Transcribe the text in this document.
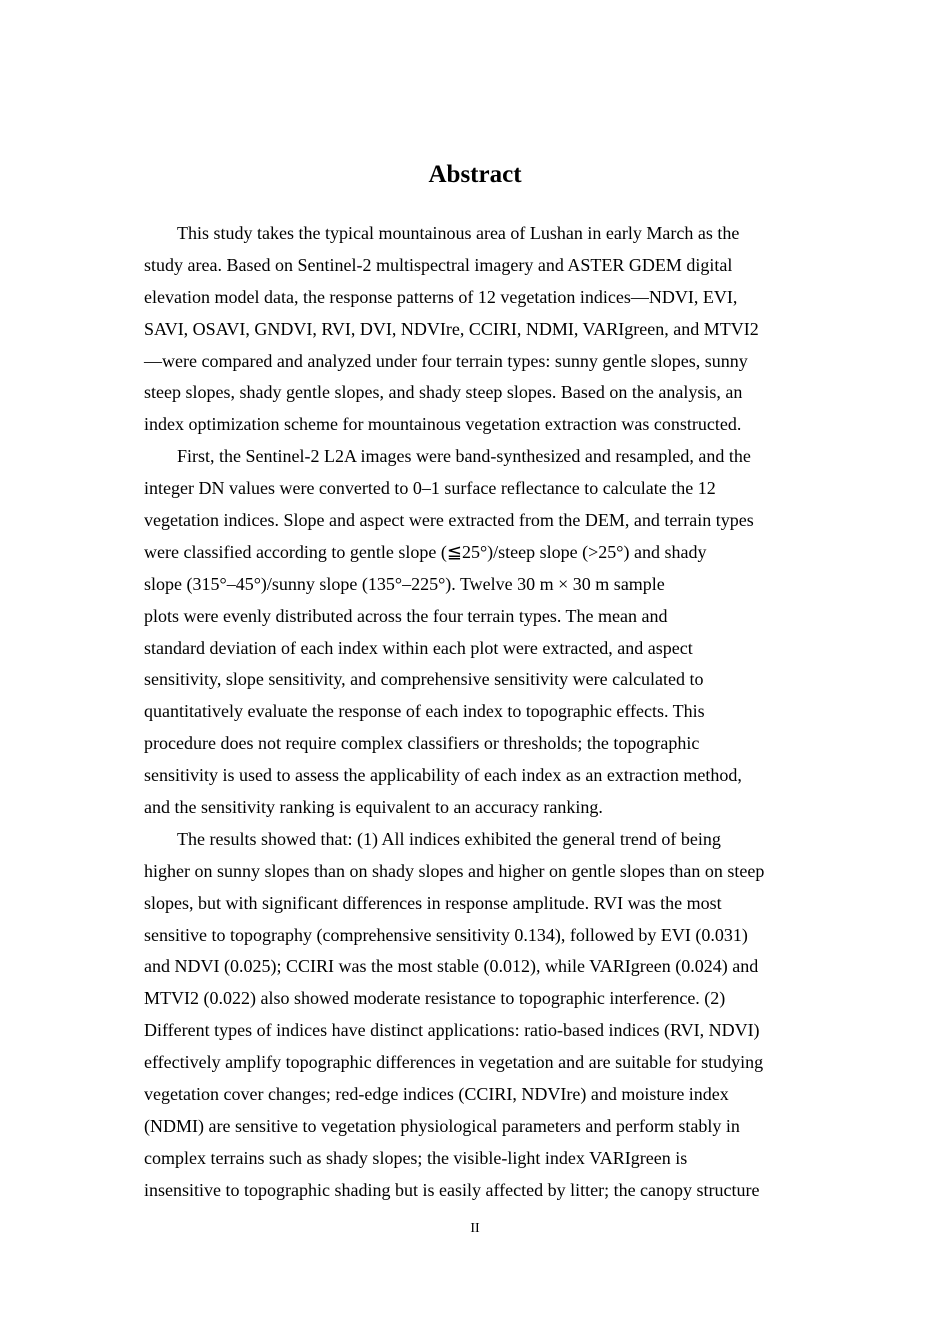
Abstract
This study takes the typical mountainous area of Lushan in early March as the
study area. Based on Sentinel-2 multispectral imagery and ASTER GDEM digital
elevation model data, the response patterns of 12 vegetation indices—NDVI, EVI,
SAVI, OSAVI, GNDVI, RVI, DVI, NDVIre, CCIRI, NDMI, VARIgreen, and MTVI2
—were compared and analyzed under four terrain types: sunny gentle slopes, sunny
steep slopes, shady gentle slopes, and shady steep slopes. Based on the analysis, an
index optimization scheme for mountainous vegetation extraction was constructed.
First, the Sentinel-2 L2A images were band-synthesized and resampled, and the
integer DN values were converted to 0–1 surface reflectance to calculate the 12
vegetation indices. Slope and aspect were extracted from the DEM, and terrain types
were classified according to gentle slope (≦25°)/steep slope (>25°) and shady
slope (315°–45°)/sunny slope (135°–225°). Twelve 30 m × 30 m sample
plots were evenly distributed across the four terrain types. The mean and
standard deviation of each index within each plot were extracted, and aspect
sensitivity, slope sensitivity, and comprehensive sensitivity were calculated to
quantitatively evaluate the response of each index to topographic effects. This
procedure does not require complex classifiers or thresholds; the topographic
sensitivity is used to assess the applicability of each index as an extraction method,
and the sensitivity ranking is equivalent to an accuracy ranking.
The results showed that: (1) All indices exhibited the general trend of being
higher on sunny slopes than on shady slopes and higher on gentle slopes than on steep
slopes, but with significant differences in response amplitude. RVI was the most
sensitive to topography (comprehensive sensitivity 0.134), followed by EVI (0.031)
and NDVI (0.025); CCIRI was the most stable (0.012), while VARIgreen (0.024) and
MTVI2 (0.022) also showed moderate resistance to topographic interference. (2)
Different types of indices have distinct applications: ratio-based indices (RVI, NDVI)
effectively amplify topographic differences in vegetation and are suitable for studying
vegetation cover changes; red-edge indices (CCIRI, NDVIre) and moisture index
(NDMI) are sensitive to vegetation physiological parameters and perform stably in
complex terrains such as shady slopes; the visible-light index VARIgreen is
insensitive to topographic shading but is easily affected by litter; the canopy structure
II
